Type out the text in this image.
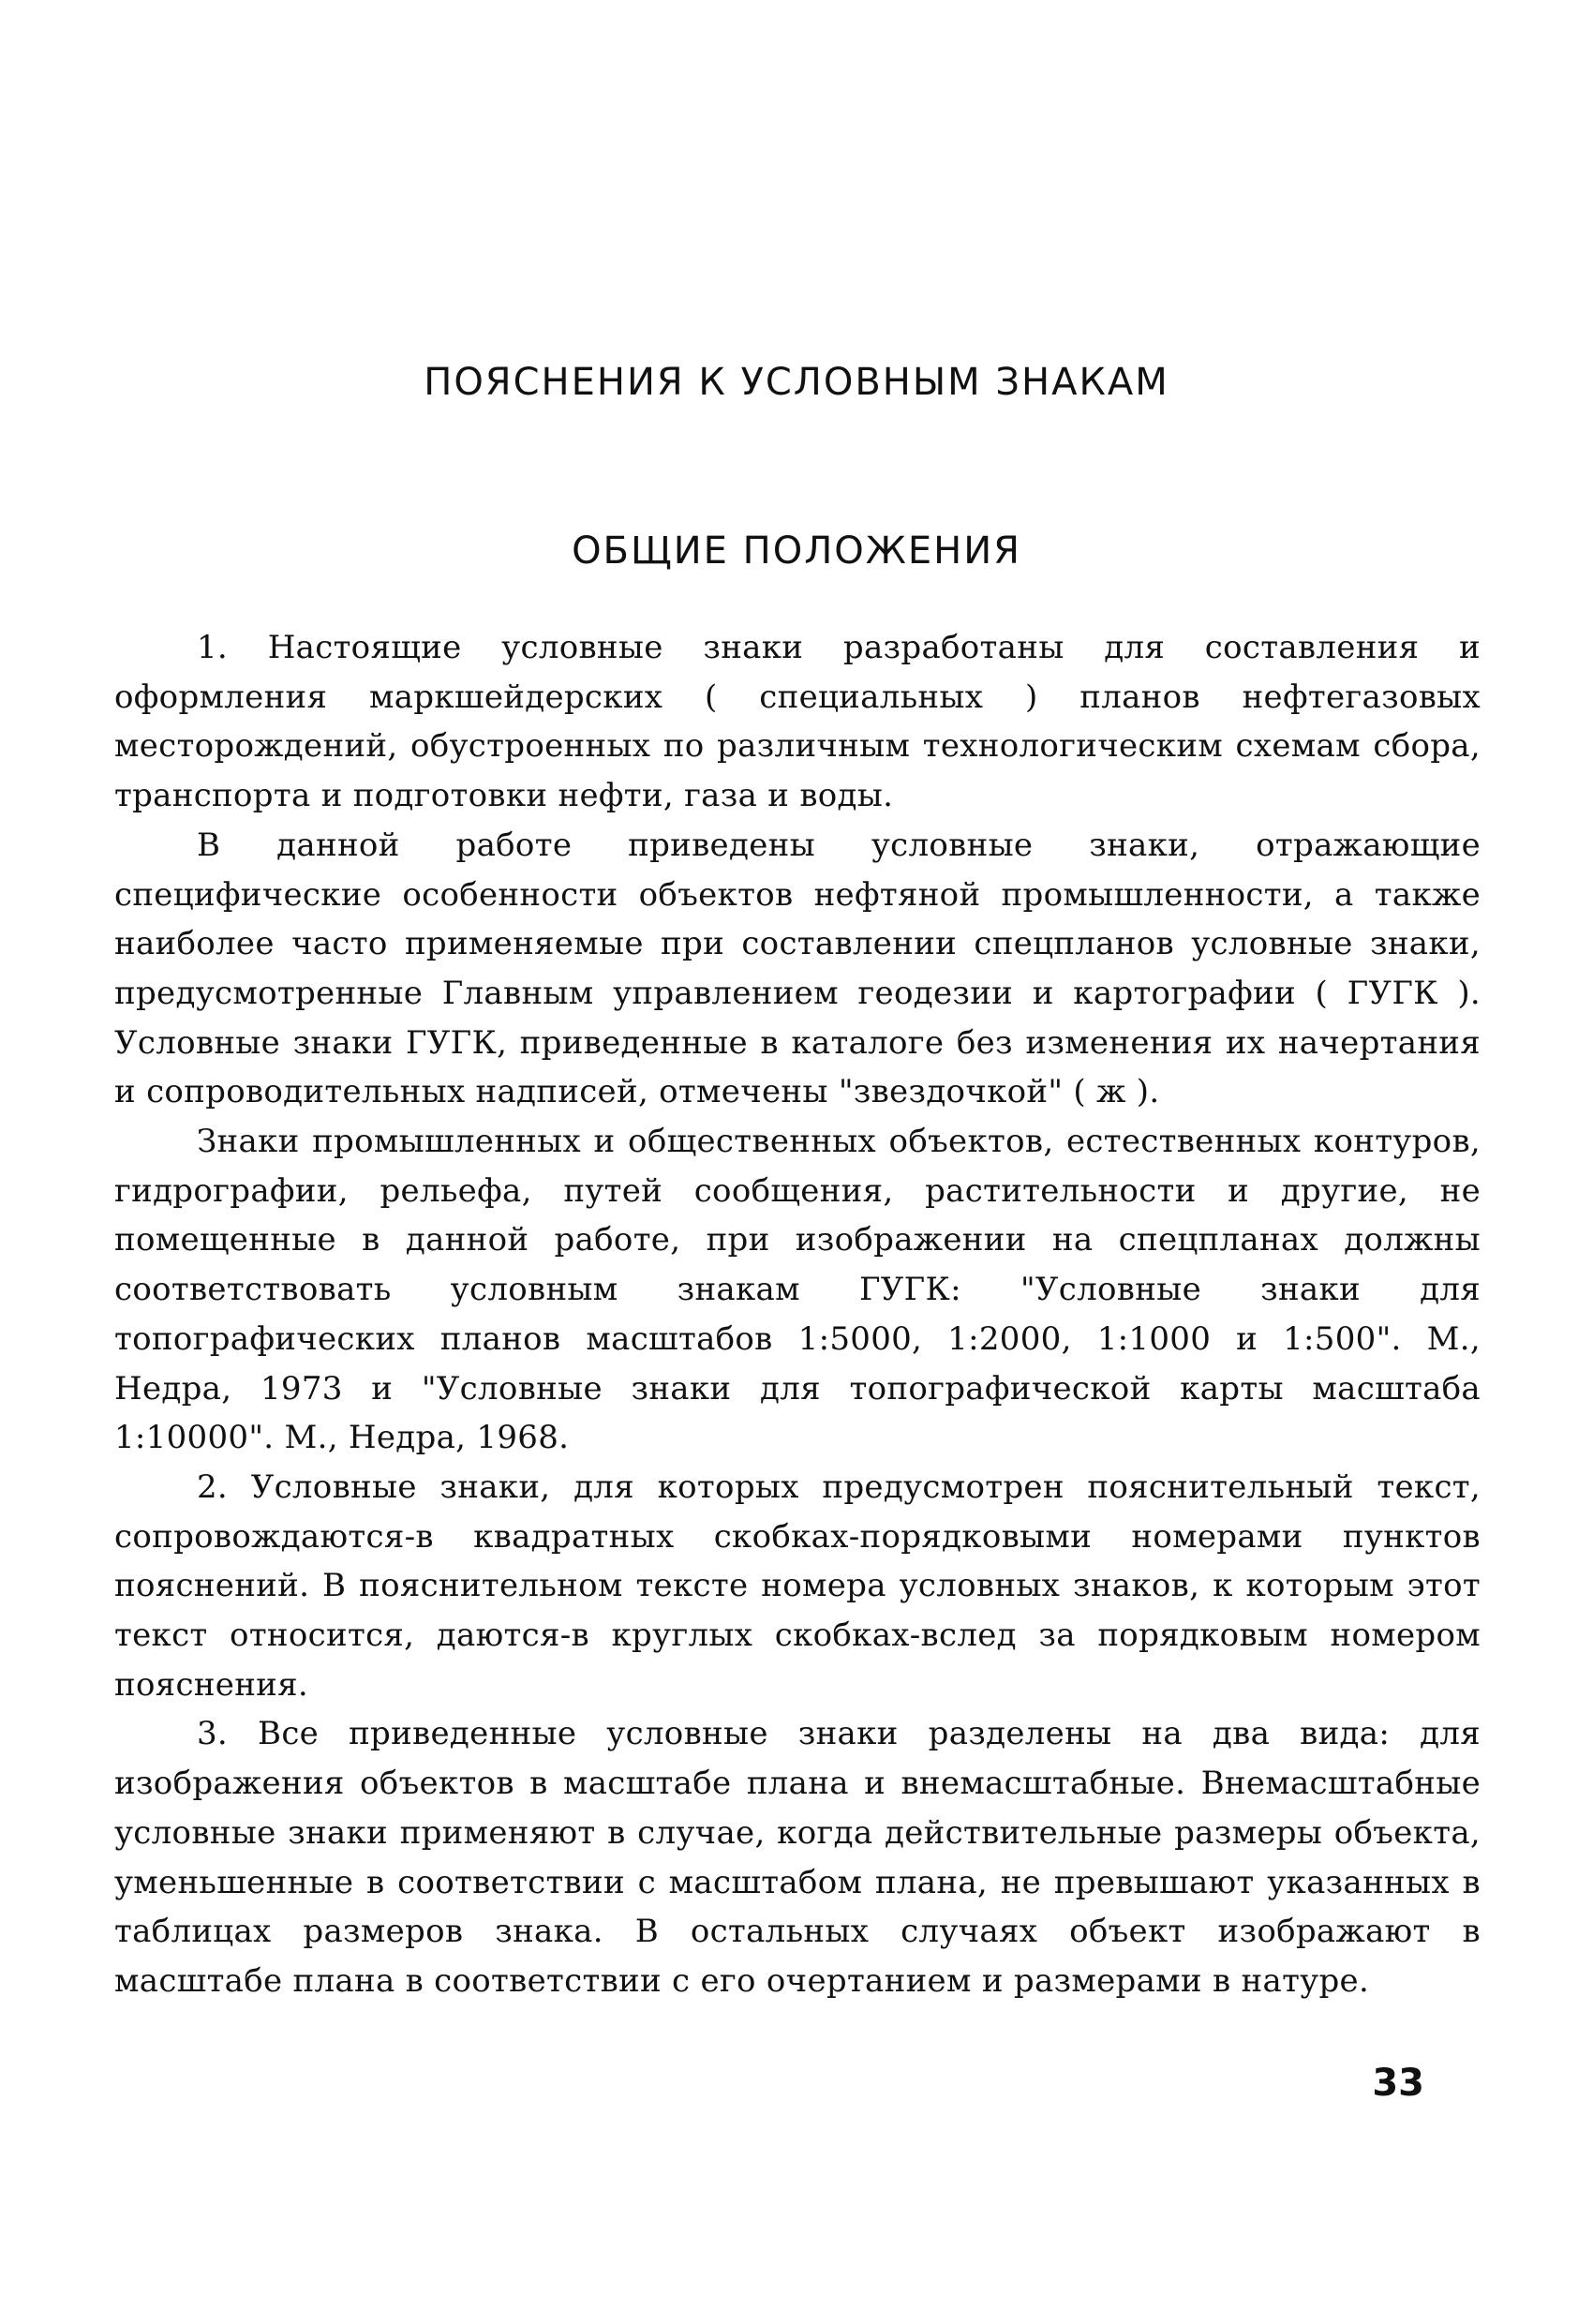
ПОЯСНЕНИЯ К УСЛОВНЫМ ЗНАКАМ
ОБЩИЕ ПОЛОЖЕНИЯ

1. Настоящие условные знаки разработаны для составления и оформления маркшейдерских ( специальных ) планов нефтегазовых месторождений, обустроенных по различным технологическим схемам сбора, транспорта и подготовки нефти, газа и воды.

В данной работе приведены условные знаки, отражающие специфические особенности объектов нефтяной промышленности, а также наиболее часто применяемые при составлении спецпланов условные знаки, предусмотренные Главным управлением геодезии и картографии ( ГУГК ). Условные знаки ГУГК, приведенные в каталоге без изменения их начертания и сопроводительных надписей, отмечены "звездочкой" ( ж ).

Знаки промышленных и общественных объектов, естественных контуров, гидрографии, рельефа, путей сообщения, растительности и другие, не помещенные в данной работе, при изображении на спецпланах должны соответствовать условным знакам ГУГК: "Условные знаки для топографических планов масштабов 1:5000, 1:2000, 1:1000 и 1:500". М., Недра, 1973 и "Условные знаки для топографической карты масштаба 1:10000". М., Недра, 1968.

2. Условные знаки, для которых предусмотрен пояснительный текст, сопровождаются-в квадратных скобках-порядковыми номерами пунктов пояснений. В пояснительном тексте номера условных знаков, к которым этот текст относится, даются-в круглых скобках-вслед за порядковым номером пояснения.

3. Все приведенные условные знаки разделены на два вида: для изображения объектов в масштабе плана и внемасштабные. Внемасштабные условные знаки применяют в случае, когда действительные размеры объекта, уменьшенные в соответствии с масштабом плана, не превышают указанных в таблицах размеров знака. В остальных случаях объект изображают в масштабе плана в соответствии с его очертанием и размерами в натуре.

33
